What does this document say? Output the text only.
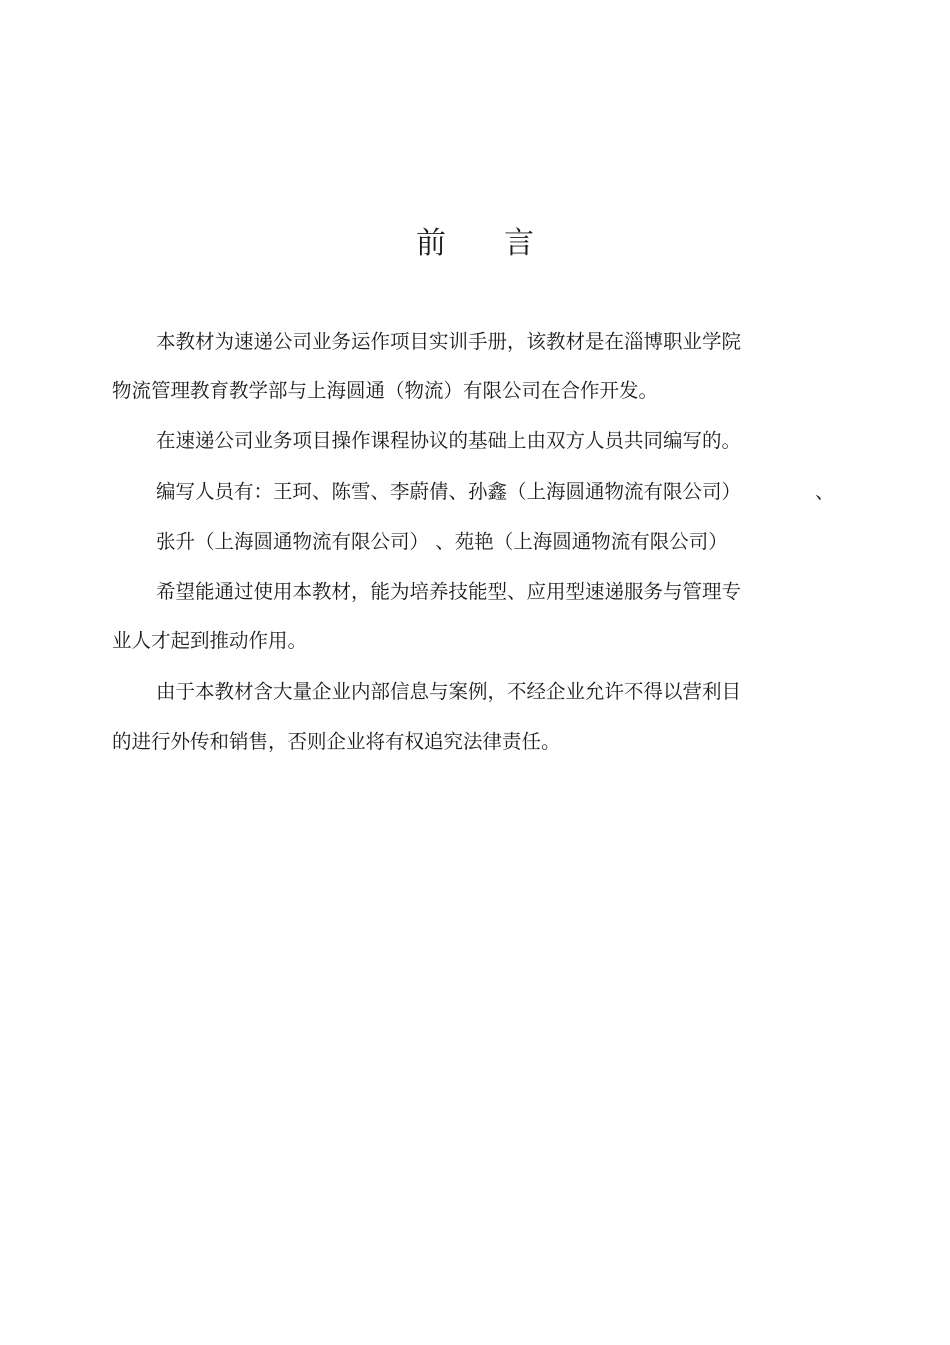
前 言
本教材为速递公司业务运作项目实训手册，该教材是在淄博职业学院
物流管理教育教学部与上海圆通（物流）有限公司在合作开发。
在速递公司业务项目操作课程协议的基础上由双方人员共同编写的。
编写人员有：王珂、陈雪、李蔚倩、孙鑫（上海圆通物流有限公司）	、
张升（上海圆通物流有限公司） 、苑艳（上海圆通物流有限公司）
希望能通过使用本教材，能为培养技能型、应用型速递服务与管理专
业人才起到推动作用。
由于本教材含大量企业内部信息与案例，不经企业允许不得以营利目
的进行外传和销售，否则企业将有权追究法律责任。
